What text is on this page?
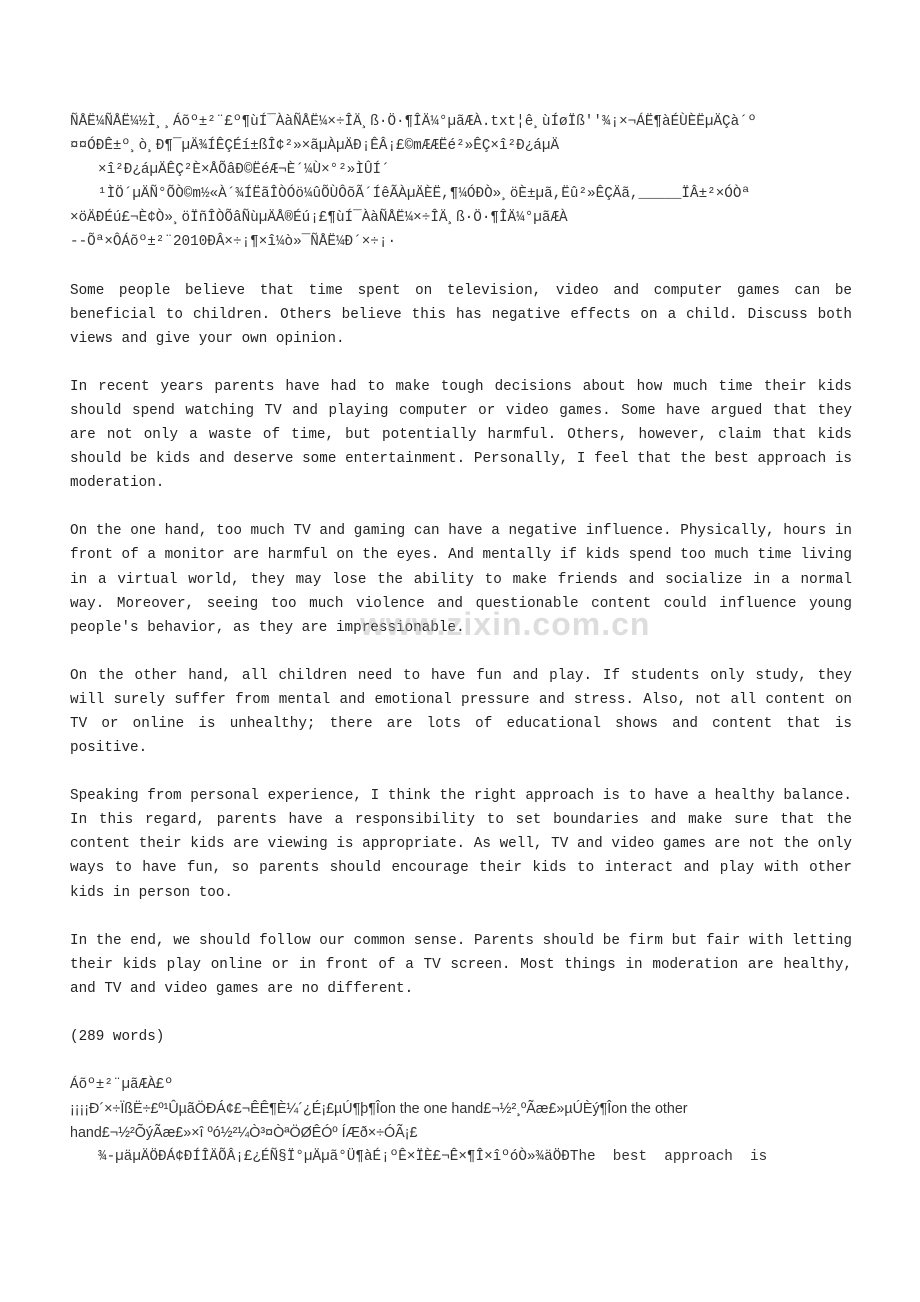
ÑÅË¼ÑÅË¼½Ì¸¸Áõº±²¨£º¶ùÍ¯ÀàÑÅË¼×÷ÎÄ¸ß·Ö·¶ÎÄ¼°µãÆÀ.txt¦ê¸ùÍøÏß''¾¡×¬ÁË¶àÉÙÈËµÄÇà´º
¤¤ÓÐÊ±º¸ò¸Ð¶¯µÄ¾ÍÊÇÉí±ßÎ¢²»×ãµÀµÄÐ¡ÊÂ¡£©mÆÆËé²»ÊÇ×î²Ð¿áµÄ
×î²Ð¿áµÄÊÇ²È×ÅÕâÐ©ËéÆ¬È´¼Ù×°²»ÌÛÍ´
¹ÌÖ´µÄÑ°ÕÒ©m½«À´¾ÍËãÎÒÓö¼ûÕÙÔõÃ´ÍêÃÀµÄÈË,¶¼ÓÐÒ»¸öÈ±µã,Ëû²»ÊÇÄã,_____ÏÂ±²×ÓÒª
×öÄÐÉú£¬È¢Ò»¸öÏñÎÒÕâÑùµÄÅ®Éú¡£¶ùÍ¯ÀàÑÅË¼×÷ÎÄ¸ß·Ö·¶ÎÄ¼°µãÆÀ
--Õª×ÔÁõº±²¨2010ÐÂ×÷¡¶×î¼ò»¯ÑÅË¼Ð´×÷¡·

Some people believe that time spent on television, video and computer games can be beneficial to children. Others believe this has negative effects on a child. Discuss both views and give your own opinion.

In recent years parents have had to make tough decisions about how much time their kids should spend watching TV and playing computer or video games. Some have argued that they are not only a waste of time, but potentially harmful. Others, however, claim that kids should be kids and deserve some entertainment. Personally, I feel that the best approach is moderation.

On the one hand, too much TV and gaming can have a negative influence. Physically, hours in front of a monitor are harmful on the eyes. And mentally if kids spend too much time living in a virtual world, they may lose the ability to make friends and socialize in a normal way. Moreover, seeing too much violence and questionable content could influence young people's behavior, as they are impressionable.

On the other hand, all children need to have fun and play. If students only study, they will surely suffer from mental and emotional pressure and stress. Also, not all content on TV or online is unhealthy; there are lots of educational shows and content that is positive.

Speaking from personal experience, I think the right approach is to have a healthy balance. In this regard, parents have a responsibility to set boundaries and make sure that the content their kids are viewing is appropriate. As well, TV and video games are not the only ways to have fun, so parents should encourage their kids to interact and play with other kids in person too.

In the end, we should follow our common sense. Parents should be firm but fair with letting their kids play online or in front of a TV screen. Most things in moderation are healthy, and TV and video games are no different.

(289 words)

Áõº±²¨µãÆÀ£º
¡¡¡¡Ð´×÷ÏßË÷£º¹ÛµãÖÐÁ¢£¬ÊÊ¶È¼´¿É¡£µÚ¶þ¶Îon the one hand£¬½²¸ºÃæ£»µÚÈý¶Îon the other
hand£¬½²ÕýÃæ£»×î ºó½²¼Ò³¤ÒªÖØÊÓº ÍÆð×÷ÓÃ¡£
¾-µäµÄÖÐÁ¢ÐÍÎÄÕÂ¡£¿ÉÑ§Ï°µÄµã°Ü¶àÉ¡ºÊ×ÏÈ£¬Ê×¶Î×îºóÒ»¾äÖÐThe  best  approach  is
www.zixin.com.cn
